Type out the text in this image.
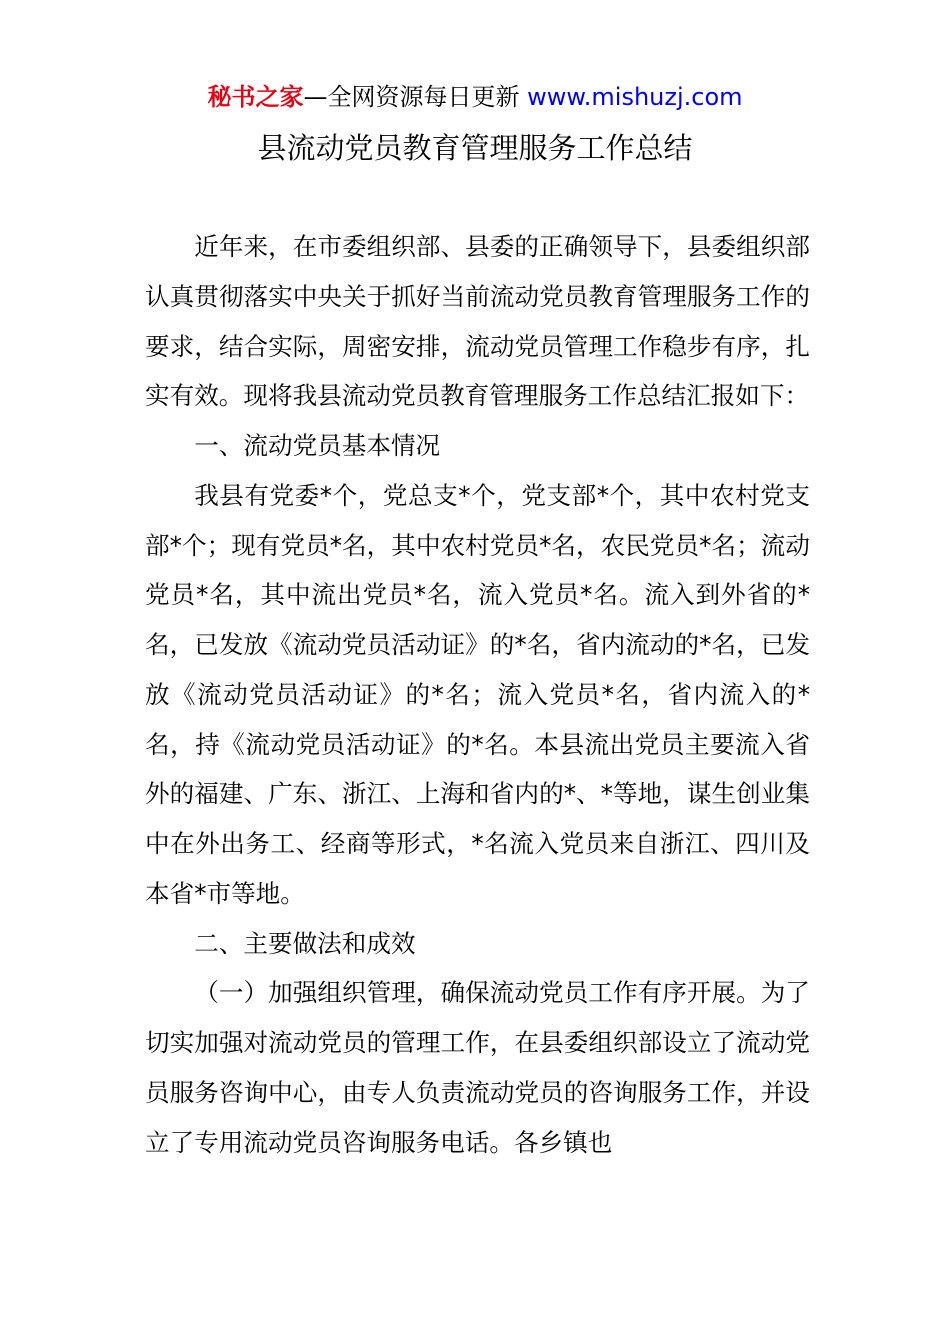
秘书之家—全网资源每日更新 www.mishuzj.com
县流动党员教育管理服务工作总结

近年来，在市委组织部、县委的正确领导下，县委组织部认真贯彻落实中央关于抓好当前流动党员教育管理服务工作的要求，结合实际，周密安排，流动党员管理工作稳步有序，扎实有效。现将我县流动党员教育管理服务工作总结汇报如下：

一、流动党员基本情况

我县有党委*个，党总支*个，党支部*个，其中农村党支部*个；现有党员*名，其中农村党员*名，农民党员*名；流动党员*名，其中流出党员*名，流入党员*名。流入到外省的*名，已发放《流动党员活动证》的*名，省内流动的*名，已发放《流动党员活动证》的*名；流入党员*名，省内流入的*名，持《流动党员活动证》的*名。本县流出党员主要流入省外的福建、广东、浙江、上海和省内的*、*等地，谋生创业集中在外出务工、经商等形式，*名流入党员来自浙江、四川及本省*市等地。

二、主要做法和成效

（一）加强组织管理，确保流动党员工作有序开展。为了切实加强对流动党员的管理工作，在县委组织部设立了流动党员服务咨询中心，由专人负责流动党员的咨询服务工作，并设立了专用流动党员咨询服务电话。各乡镇也
